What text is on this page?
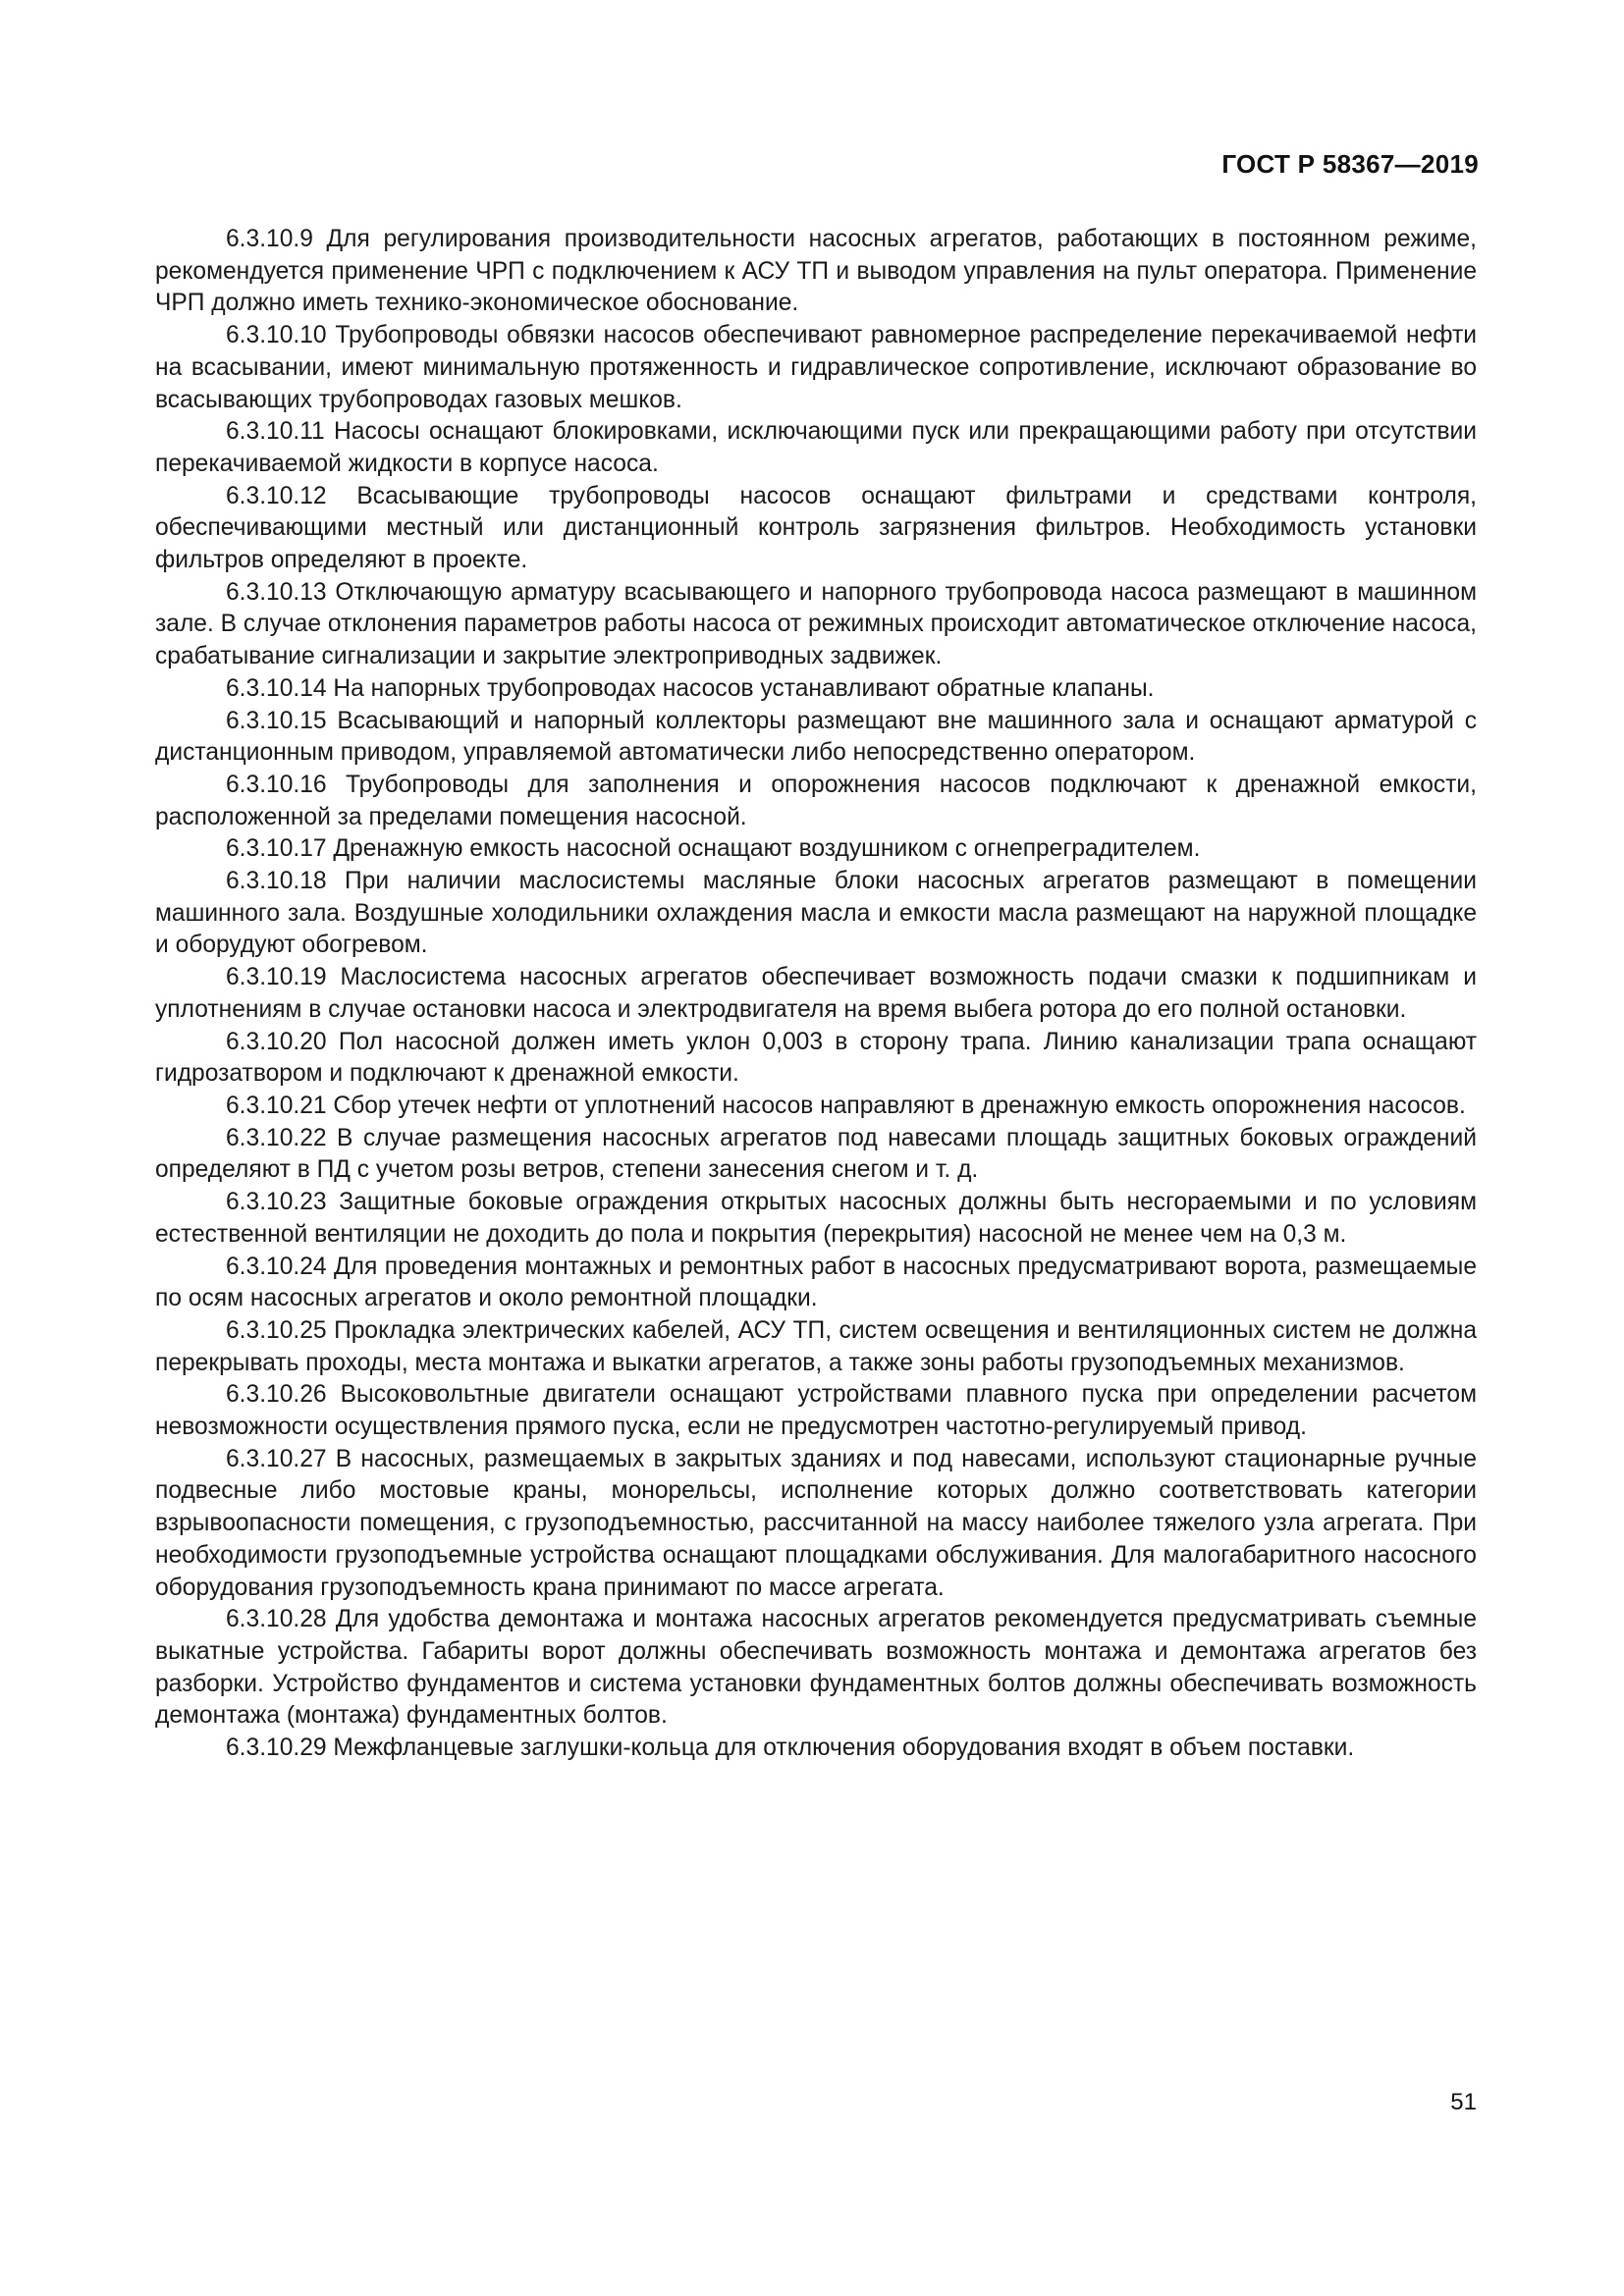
ГОСТ Р 58367—2019

6.3.10.9 Для регулирования производительности насосных агрегатов, работающих в постоянном режиме, рекомендуется применение ЧРП с подключением к АСУ ТП и выводом управления на пульт оператора. Применение ЧРП должно иметь технико-экономическое обоснование.

6.3.10.10 Трубопроводы обвязки насосов обеспечивают равномерное распределение перекачиваемой нефти на всасывании, имеют минимальную протяженность и гидравлическое сопротивление, исключают образование во всасывающих трубопроводах газовых мешков.

6.3.10.11 Насосы оснащают блокировками, исключающими пуск или прекращающими работу при отсутствии перекачиваемой жидкости в корпусе насоса.

6.3.10.12 Всасывающие трубопроводы насосов оснащают фильтрами и средствами контроля, обеспечивающими местный или дистанционный контроль загрязнения фильтров. Необходимость установки фильтров определяют в проекте.

6.3.10.13 Отключающую арматуру всасывающего и напорного трубопровода насоса размещают в машинном зале. В случае отклонения параметров работы насоса от режимных происходит автоматическое отключение насоса, срабатывание сигнализации и закрытие электроприводных задвижек.

6.3.10.14 На напорных трубопроводах насосов устанавливают обратные клапаны.

6.3.10.15 Всасывающий и напорный коллекторы размещают вне машинного зала и оснащают арматурой с дистанционным приводом, управляемой автоматически либо непосредственно оператором.

6.3.10.16 Трубопроводы для заполнения и опорожнения насосов подключают к дренажной емкости, расположенной за пределами помещения насосной.

6.3.10.17 Дренажную емкость насосной оснащают воздушником с огнепреградителем.

6.3.10.18 При наличии маслосистемы масляные блоки насосных агрегатов размещают в помещении машинного зала. Воздушные холодильники охлаждения масла и емкости масла размещают на наружной площадке и оборудуют обогревом.

6.3.10.19 Маслосистема насосных агрегатов обеспечивает возможность подачи смазки к подшипникам и уплотнениям в случае остановки насоса и электродвигателя на время выбега ротора до его полной остановки.

6.3.10.20 Пол насосной должен иметь уклон 0,003 в сторону трапа. Линию канализации трапа оснащают гидрозатвором и подключают к дренажной емкости.

6.3.10.21 Сбор утечек нефти от уплотнений насосов направляют в дренажную емкость опорожнения насосов.

6.3.10.22 В случае размещения насосных агрегатов под навесами площадь защитных боковых ограждений определяют в ПД с учетом розы ветров, степени занесения снегом и т. д.

6.3.10.23 Защитные боковые ограждения открытых насосных должны быть несгораемыми и по условиям естественной вентиляции не доходить до пола и покрытия (перекрытия) насосной не менее чем на 0,3 м.

6.3.10.24 Для проведения монтажных и ремонтных работ в насосных предусматривают ворота, размещаемые по осям насосных агрегатов и около ремонтной площадки.

6.3.10.25 Прокладка электрических кабелей, АСУ ТП, систем освещения и вентиляционных систем не должна перекрывать проходы, места монтажа и выкатки агрегатов, а также зоны работы грузоподъемных механизмов.

6.3.10.26 Высоковольтные двигатели оснащают устройствами плавного пуска при определении расчетом невозможности осуществления прямого пуска, если не предусмотрен частотно-регулируемый привод.

6.3.10.27 В насосных, размещаемых в закрытых зданиях и под навесами, используют стационарные ручные подвесные либо мостовые краны, монорельсы, исполнение которых должно соответствовать категории взрывоопасности помещения, с грузоподъемностью, рассчитанной на массу наиболее тяжелого узла агрегата. При необходимости грузоподъемные устройства оснащают площадками обслуживания. Для малогабаритного насосного оборудования грузоподъемность крана принимают по массе агрегата.

6.3.10.28 Для удобства демонтажа и монтажа насосных агрегатов рекомендуется предусматривать съемные выкатные устройства. Габариты ворот должны обеспечивать возможность монтажа и демонтажа агрегатов без разборки. Устройство фундаментов и система установки фундаментных болтов должны обеспечивать возможность демонтажа (монтажа) фундаментных болтов.

6.3.10.29 Межфланцевые заглушки-кольца для отключения оборудования входят в объем поставки.

51
